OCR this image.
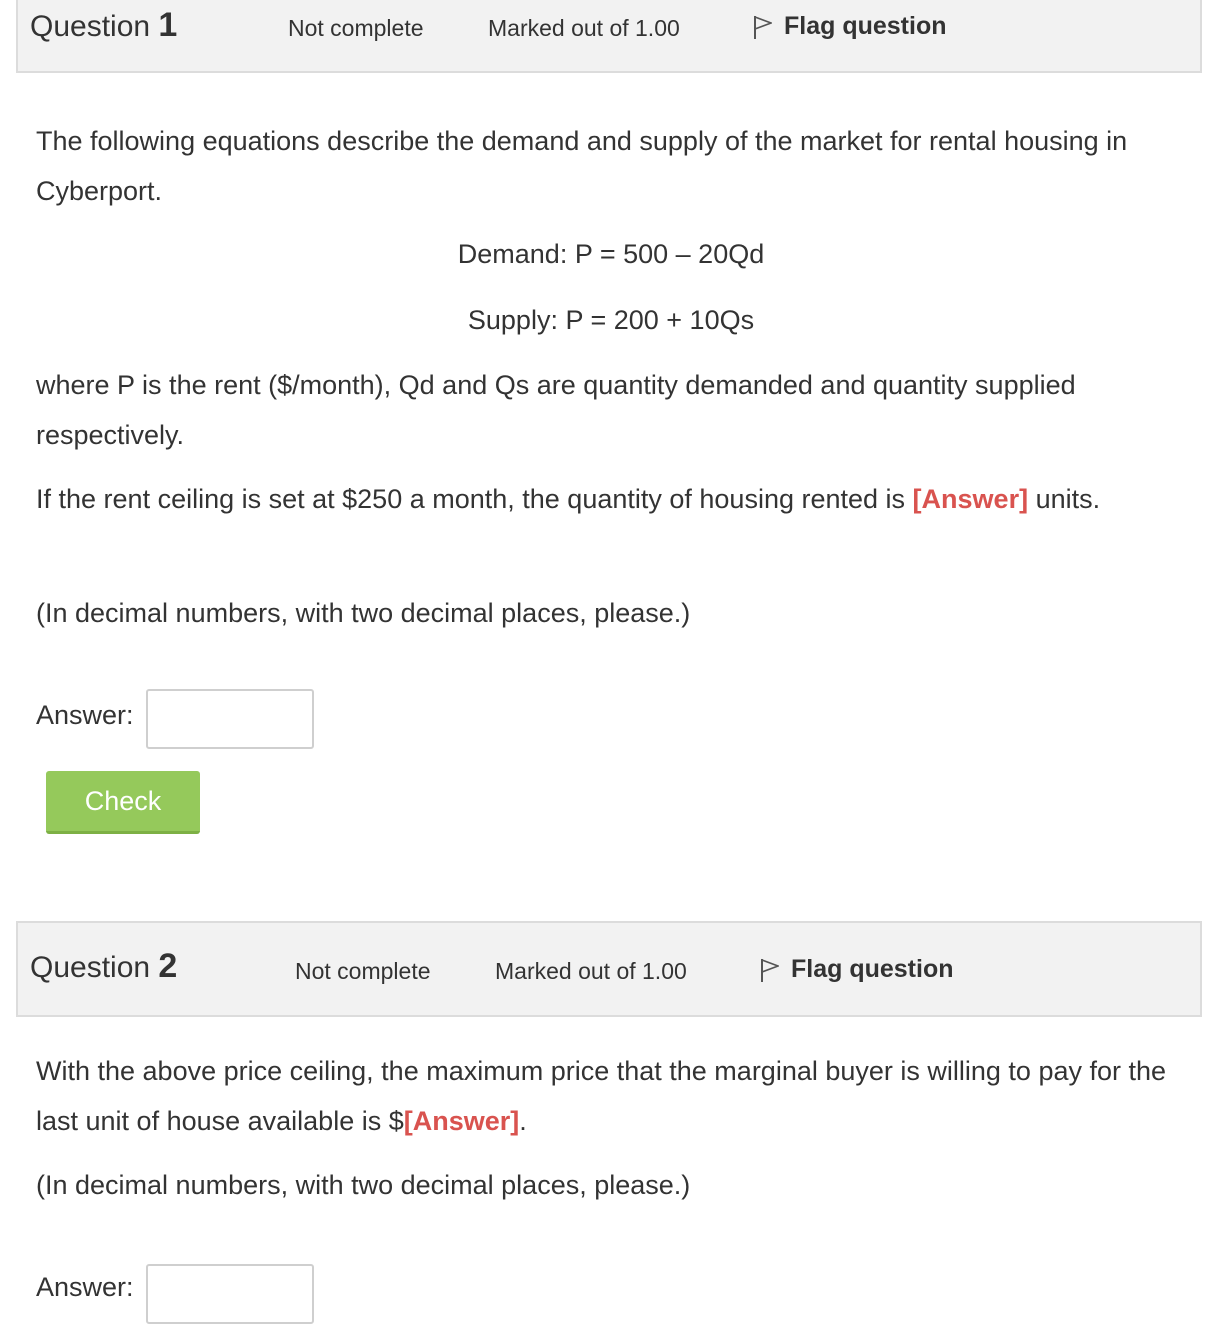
Question 1	Not complete	Marked out of 1.00	Flag question
The following equations describe the demand and supply of the market for rental housing in Cyberport.
Demand: P = 500 – 20Qd
Supply: P = 200 + 10Qs
where P is the rent ($/month), Qd and Qs are quantity demanded and quantity supplied respectively.
If the rent ceiling is set at $250 a month, the quantity of housing rented is [Answer] units.
(In decimal numbers, with two decimal places, please.)
Answer:
Check
Question 2	Not complete	Marked out of 1.00	Flag question
With the above price ceiling, the maximum price that the marginal buyer is willing to pay for the last unit of house available is $[Answer].
(In decimal numbers, with two decimal places, please.)
Answer:
